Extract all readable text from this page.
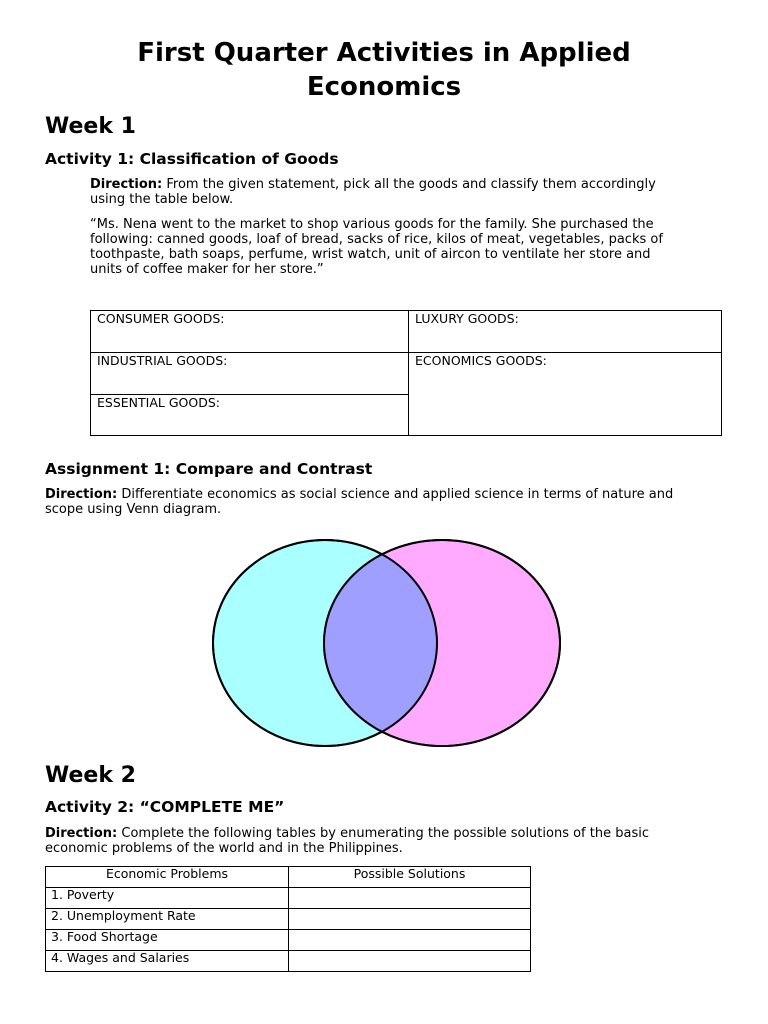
First Quarter Activities in Applied
Economics
Week 1
Activity 1: Classification of Goods
Direction: From the given statement, pick all the goods and classify them accordingly
using the table below.
“Ms. Nena went to the market to shop various goods for the family. She purchased the
following: canned goods, loaf of bread, sacks of rice, kilos of meat, vegetables, packs of
toothpaste, bath soaps, perfume, wrist watch, unit of aircon to ventilate her store and
units of coffee maker for her store.”
CONSUMER GOODS:	LUXURY GOODS:
INDUSTRIAL GOODS:	ECONOMICS GOODS:
ESSENTIAL GOODS:
Assignment 1: Compare and Contrast
Direction: Differentiate economics as social science and applied science in terms of nature and
scope using Venn diagram.
Week 2
Activity 2: “COMPLETE ME”
Direction: Complete the following tables by enumerating the possible solutions of the basic
economic problems of the world and in the Philippines.
Economic Problems	Possible Solutions
1. Poverty	
2. Unemployment Rate	
3. Food Shortage	
4. Wages and Salaries	
